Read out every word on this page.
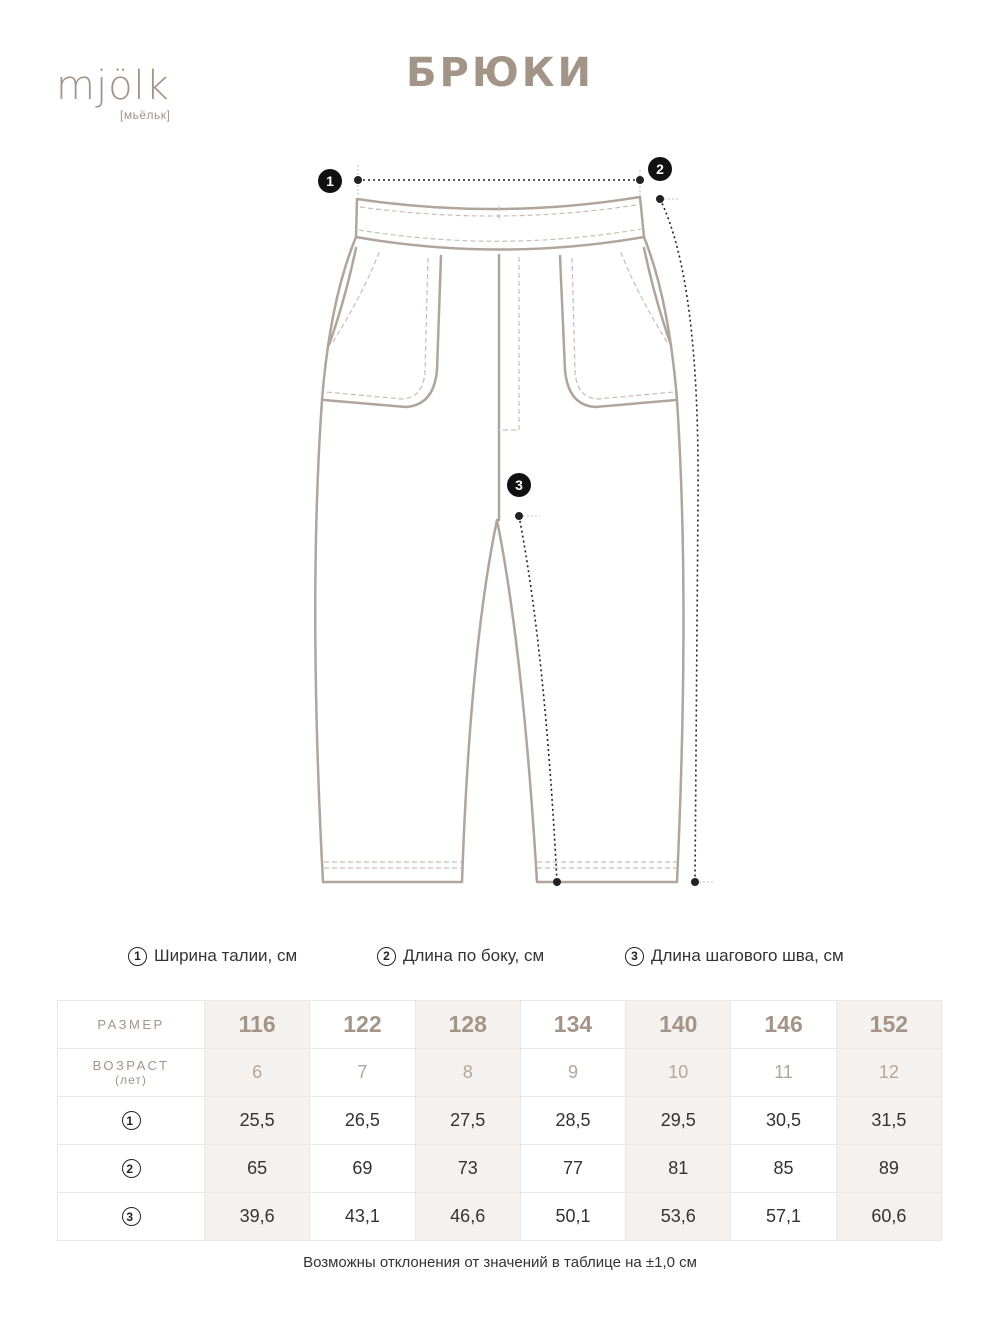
mjölk
[мьёльк]
БРЮКИ
1
2
3
1 Ширина талии, см	2 Длина по боку, см	3 Длина шагового шва, см
РАЗМЕР	116	122	128	134	140	146	152
ВОЗРАСТ
(лет)	6	7	8	9	10	11	12
1	25,5	26,5	27,5	28,5	29,5	30,5	31,5
2	65	69	73	77	81	85	89
3	39,6	43,1	46,6	50,1	53,6	57,1	60,6
Возможны отклонения от значений в таблице на ±1,0 см
